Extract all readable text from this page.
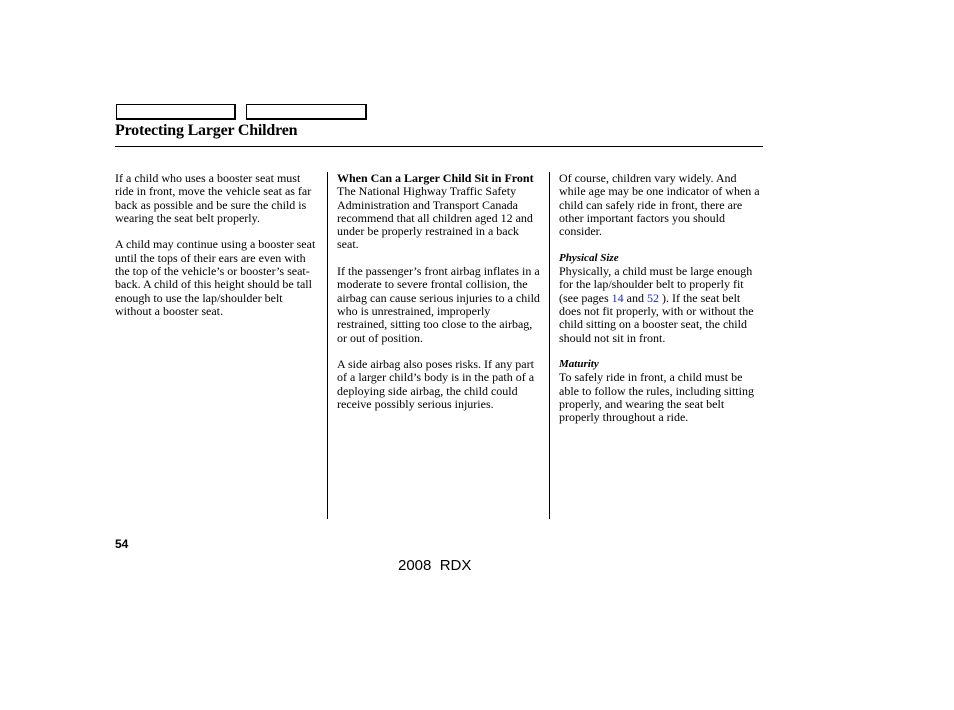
Protecting Larger Children

If a child who uses a booster seat must ride in front, move the vehicle seat as far back as possible and be sure the child is wearing the seat belt properly.

A child may continue using a booster seat until the tops of their ears are even with the top of the vehicle’s or booster’s seat-back. A child of this height should be tall enough to use the lap/shoulder belt without a booster seat.

When Can a Larger Child Sit in Front

The National Highway Traffic Safety Administration and Transport Canada recommend that all children aged 12 and under be properly restrained in a back seat.

If the passenger’s front airbag inflates in a moderate to severe frontal collision, the airbag can cause serious injuries to a child who is unrestrained, improperly restrained, sitting too close to the airbag, or out of position.

A side airbag also poses risks. If any part of a larger child’s body is in the path of a deploying side airbag, the child could receive possibly serious injuries.

Of course, children vary widely. And while age may be one indicator of when a child can safely ride in front, there are other important factors you should consider.

Physical Size

Physically, a child must be large enough for the lap/shoulder belt to properly fit (see pages 14 and 52 ). If the seat belt does not fit properly, with or without the child sitting on a booster seat, the child should not sit in front.

Maturity

To safely ride in front, a child must be able to follow the rules, including sitting properly, and wearing the seat belt properly throughout a ride.

54
2008  RDX
